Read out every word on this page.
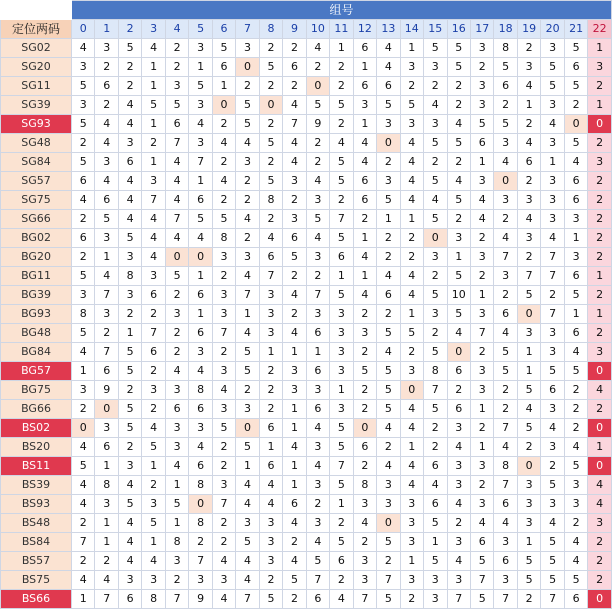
	组号																						
定位两码	0	1	2	3	4	5	6	7	8	9	10	11	12	13	14	15	16	17	18	19	20	21	22
SG02	4	3	5	4	2	3	5	3	2	2	4	1	6	4	1	5	5	3	8	2	3	5	1
SG20	3	2	2	1	2	1	6	0	5	6	2	2	1	4	3	3	5	2	5	3	5	6	3
SG11	5	6	2	1	3	5	1	2	2	2	0	2	6	6	2	2	2	3	6	4	5	5	2
SG39	3	2	4	5	5	3	0	5	0	4	5	5	3	5	5	4	2	3	2	1	3	2	1
SG93	5	4	4	1	6	4	2	5	2	7	9	2	1	3	3	3	4	5	5	2	4	0	0
SG48	2	4	3	2	7	3	4	4	5	4	2	4	4	0	4	5	5	6	3	4	3	5	2
SG84	5	3	6	1	4	7	2	3	2	4	2	5	4	2	4	2	2	1	4	6	1	4	3
SG57	6	4	4	3	4	1	4	2	5	3	4	5	6	3	4	5	4	3	0	2	3	6	2
SG75	4	6	4	7	4	6	2	2	8	2	3	2	6	5	4	4	5	4	3	3	3	6	2
SG66	2	5	4	4	7	5	5	4	2	3	5	7	2	1	1	5	2	4	2	4	3	3	2
BG02	6	3	5	4	4	4	8	2	4	6	4	5	1	2	2	0	3	2	4	3	4	1	2
BG20	2	1	3	4	0	0	3	3	6	5	3	6	4	2	2	3	1	3	7	2	7	3	2
BG11	5	4	8	3	5	1	2	4	7	2	2	1	1	4	4	2	5	2	3	7	7	6	1
BG39	3	7	3	6	2	6	3	7	3	4	7	5	4	6	4	5	10	1	2	5	2	5	2
BG93	8	3	2	2	3	1	3	1	3	2	3	3	2	2	1	3	5	3	6	0	7	1	1
BG48	5	2	1	7	2	6	7	4	3	4	6	3	3	5	5	2	4	7	4	3	3	6	2
BG84	4	7	5	6	2	3	2	5	1	1	1	3	2	4	2	5	0	2	5	1	3	4	3
BG57	1	6	5	2	4	4	3	5	2	3	6	3	5	5	3	8	6	3	5	1	5	5	0
BG75	3	9	2	3	3	8	4	2	2	3	3	1	2	5	0	7	2	3	2	5	6	2	4
BG66	2	0	5	2	6	6	3	3	2	1	6	3	2	5	4	5	6	1	2	4	3	2	2
BS02	0	3	5	4	3	3	5	0	6	1	4	5	0	4	4	2	3	2	7	5	4	2	0
BS20	4	6	2	5	3	4	2	5	1	4	3	5	6	2	1	2	4	1	4	2	3	4	1
BS11	5	1	3	1	4	6	2	1	6	1	4	7	2	4	4	6	3	3	8	0	2	5	0
BS39	4	8	4	2	1	8	3	4	4	1	3	5	8	3	4	4	3	2	7	3	5	3	4
BS93	4	3	5	3	5	0	7	4	4	6	2	1	3	3	3	6	4	3	6	3	3	3	4
BS48	2	1	4	5	1	8	2	3	3	4	3	2	4	0	3	5	2	4	4	3	4	2	3
BS84	7	1	4	1	8	2	2	5	3	2	4	5	2	5	3	1	3	6	3	1	5	4	2
BS57	2	2	4	4	3	7	4	4	3	4	5	6	3	2	1	5	4	5	6	5	5	4	2
BS75	4	4	3	3	2	3	3	4	2	5	7	2	3	7	3	3	3	7	3	5	5	5	2
BS66	1	7	6	8	7	9	4	7	5	2	6	4	7	5	2	3	7	5	7	2	7	6	0
